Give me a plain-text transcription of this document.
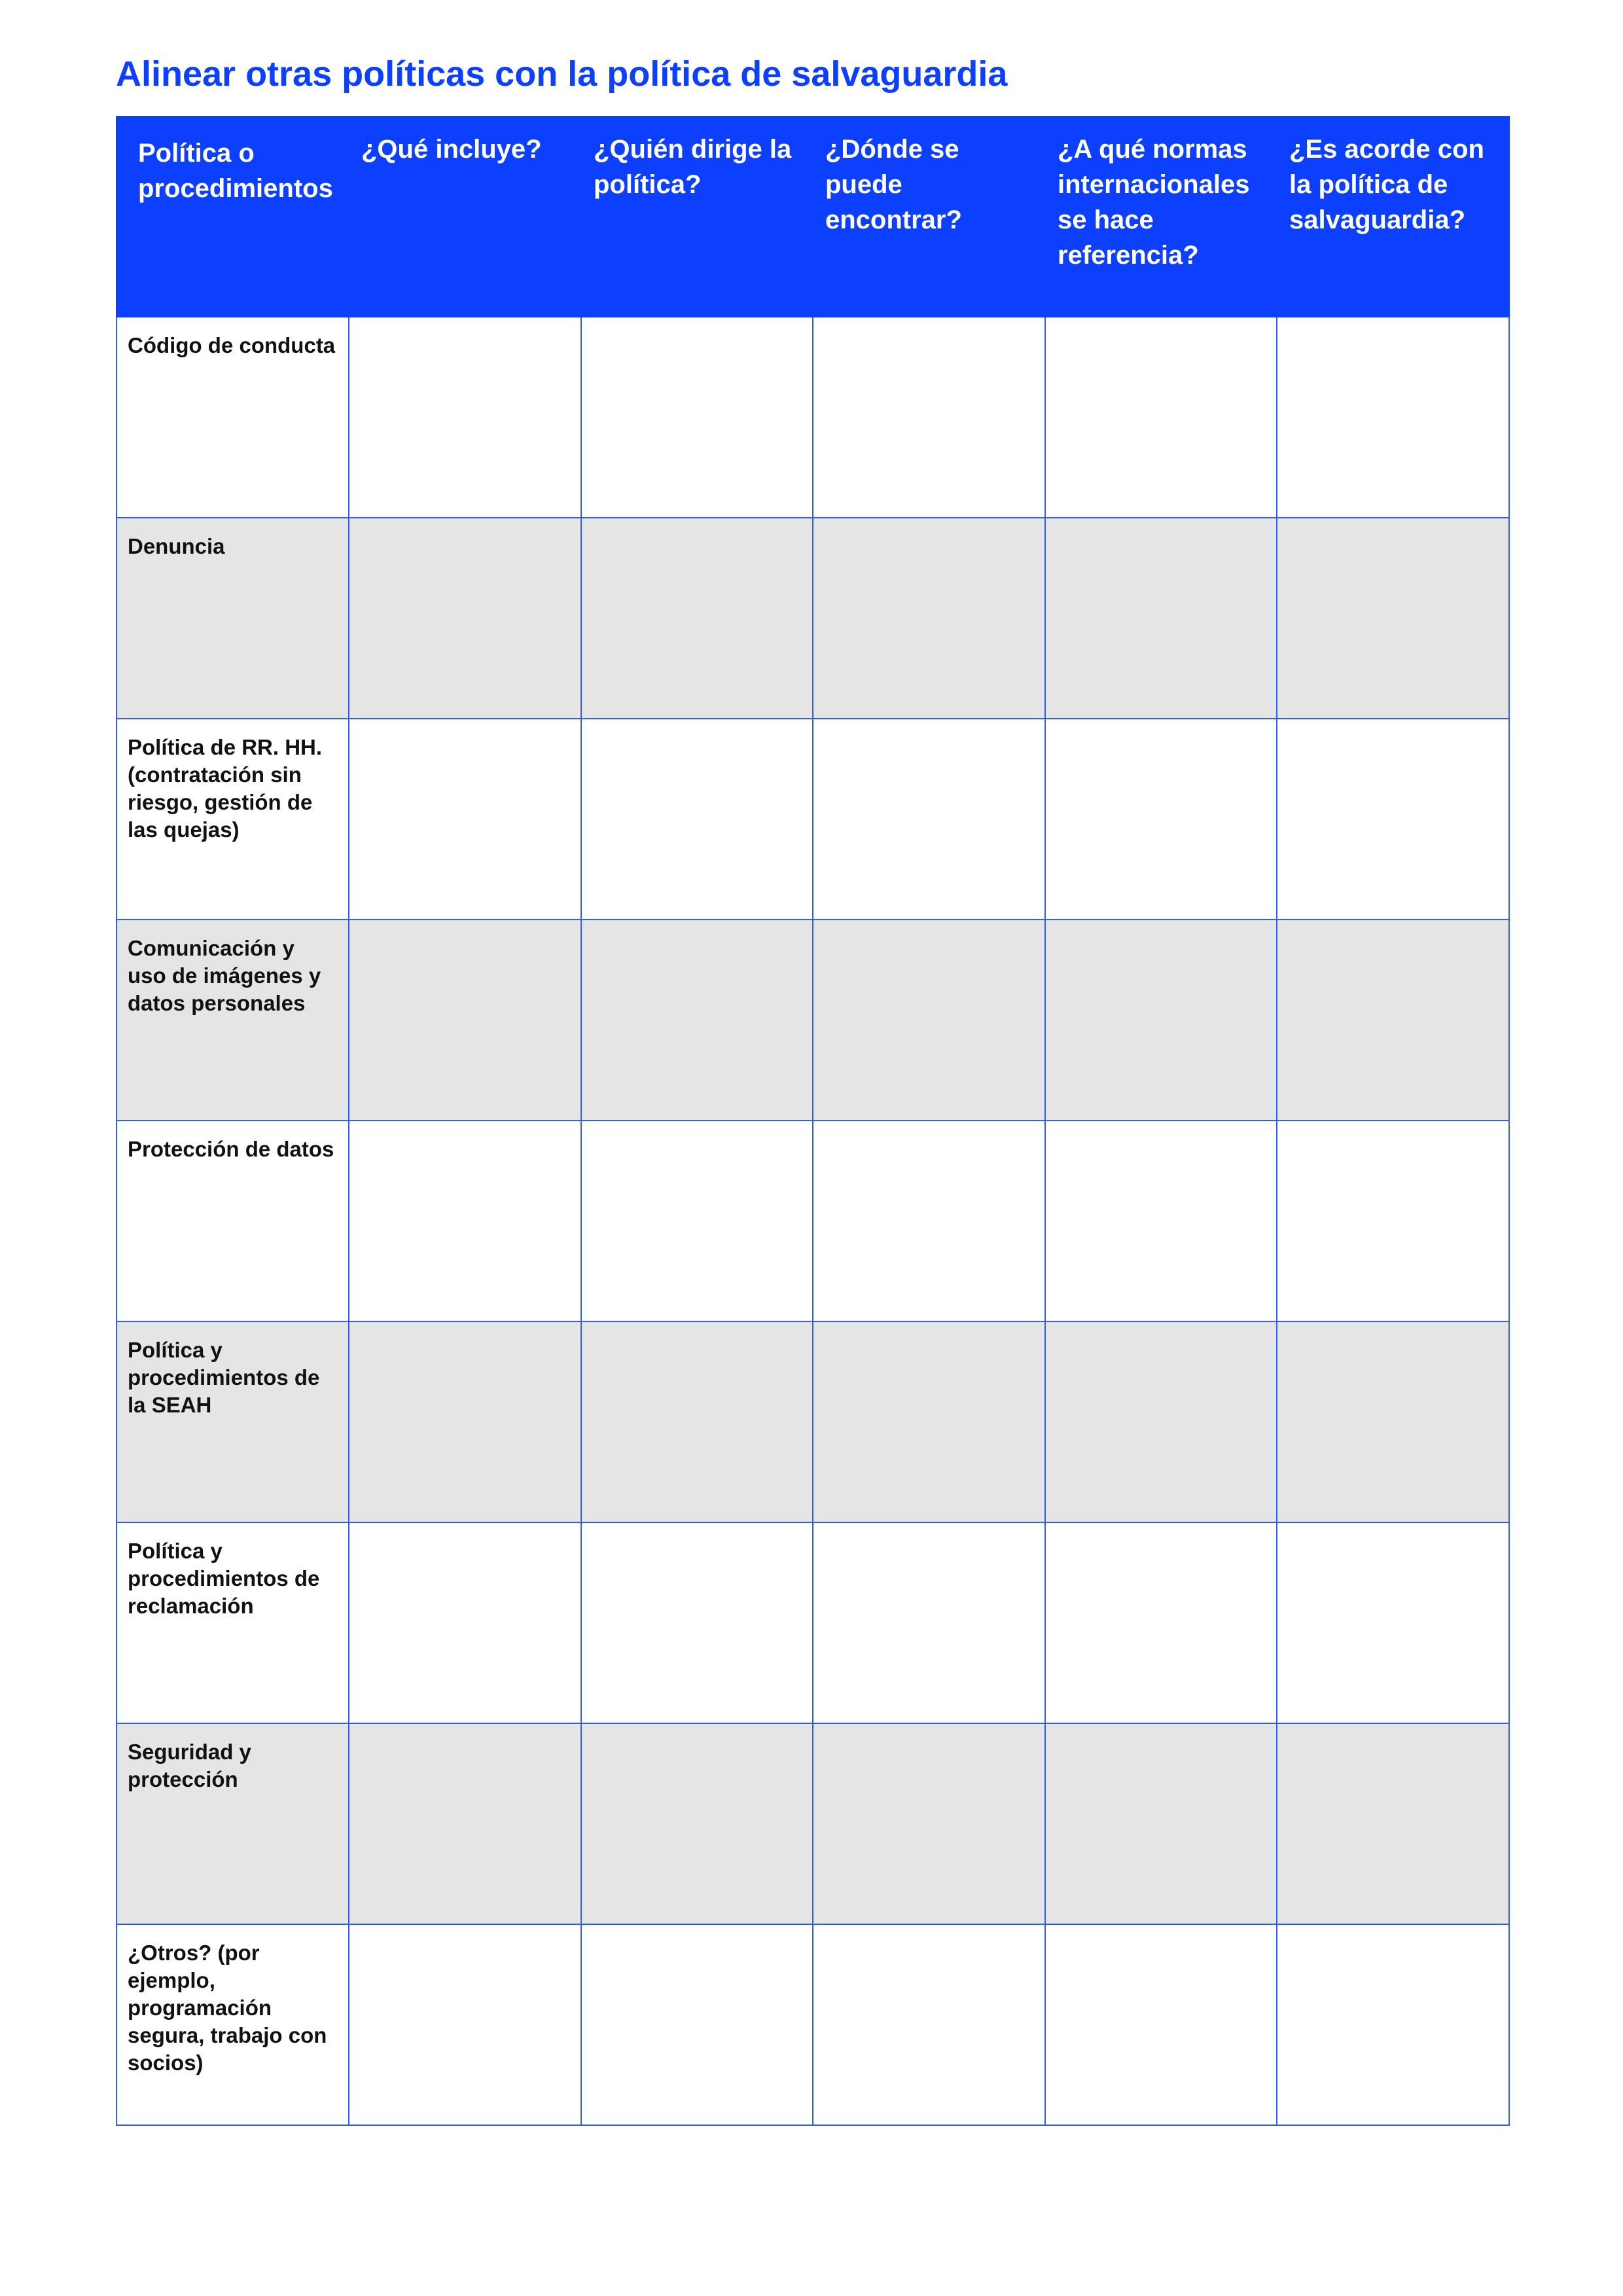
Alinear otras políticas con la política de salvaguardia
Política o procedimientos	¿Qué incluye?	¿Quién dirige la política?	¿Dónde se puede encontrar?	¿A qué normas internacionales se hace referencia?	¿Es acorde con la política de salvaguardia?
Código de conducta					
Denuncia					
Política de RR. HH. (contratación sin riesgo, gestión de las quejas)					
Comunicación y uso de imágenes y datos personales					
Protección de datos					
Política y procedimientos de la SEAH					
Política y procedimientos de reclamación					
Seguridad y protección					
¿Otros? (por ejemplo, programación segura, trabajo con socios)					
